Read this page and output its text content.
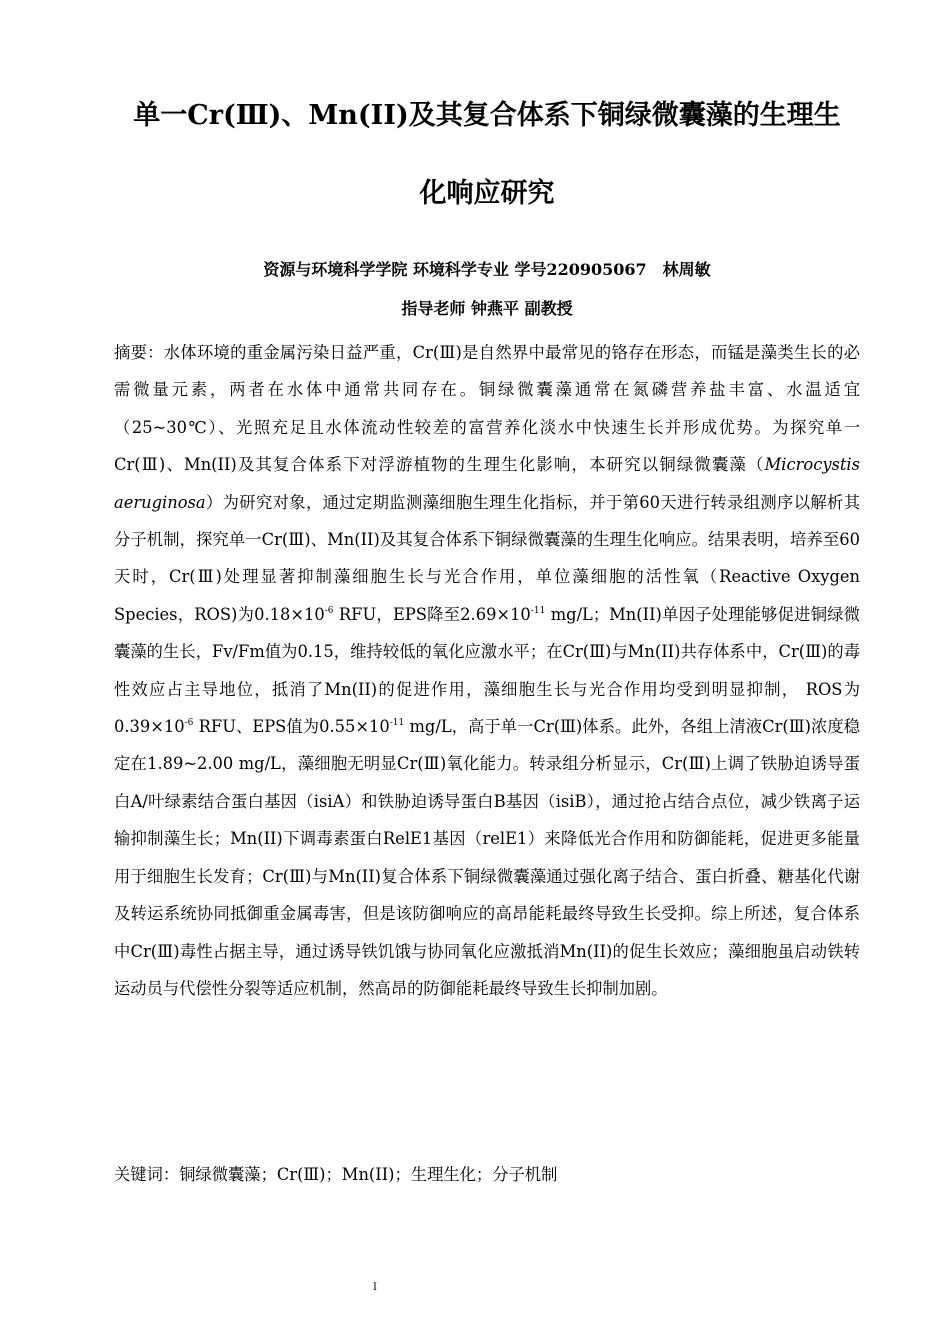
单一Cr(Ⅲ)、Mn(II)及其复合体系下铜绿微囊藻的生理生
化响应研究

资源与环境科学学院 环境科学专业 学号220905067　林周敏

指导老师 钟燕平 副教授

摘要：水体环境的重金属污染日益严重，Cr(Ⅲ)是自然界中最常见的铬存在形态，而锰是藻类生长的必需微量元素，两者在水体中通常共同存在。铜绿微囊藻通常在氮磷营养盐丰富、水温适宜（25~30℃）、光照充足且水体流动性较差的富营养化淡水中快速生长并形成优势。为探究单一Cr(Ⅲ)、Mn(II)及其复合体系下对浮游植物的生理生化影响，本研究以铜绿微囊藻（Microcystis aeruginosa）为研究对象，通过定期监测藻细胞生理生化指标，并于第60天进行转录组测序以解析其分子机制，探究单一Cr(Ⅲ)、Mn(II)及其复合体系下铜绿微囊藻的生理生化响应。结果表明，培养至60天时，Cr(Ⅲ)处理显著抑制藻细胞生长与光合作用，单位藻细胞的活性氧（Reactive Oxygen Species，ROS)为$0.18\times 10^{-6}$ RFU，EPS降至$2.69\times 10^{-11}$ mg/L；Mn(II)单因子处理能够促进铜绿微囊藻的生长，Fv/Fm值为0.15，维持较低的氧化应激水平；在Cr(Ⅲ)与Mn(II)共存体系中，Cr(Ⅲ)的毒性效应占主导地位，抵消了Mn(II)的促进作用，藻细胞生长与光合作用均受到明显抑制， ROS为$0.39\times 10^{-6}$ RFU、EPS值为$0.55\times 10^{-11}$ mg/L，高于单一Cr(Ⅲ)体系。此外，各组上清液Cr(Ⅲ)浓度稳定在1.89~2.00 mg/L，藻细胞无明显Cr(Ⅲ)氧化能力。转录组分析显示，Cr(Ⅲ)上调了铁胁迫诱导蛋白A/叶绿素结合蛋白基因（isiA）和铁胁迫诱导蛋白B基因（isiB），通过抢占结合点位，减少铁离子运输抑制藻生长；Mn(II)下调毒素蛋白RelE1基因（relE1）来降低光合作用和防御能耗，促进更多能量用于细胞生长发育；Cr(Ⅲ)与Mn(II)复合体系下铜绿微囊藻通过强化离子结合、蛋白折叠、糖基化代谢及转运系统协同抵御重金属毒害，但是该防御响应的高昂能耗最终导致生长受抑。综上所述，复合体系中Cr(Ⅲ)毒性占据主导，通过诱导铁饥饿与协同氧化应激抵消Mn(II)的促生长效应；藻细胞虽启动铁转运动员与代偿性分裂等适应机制，然高昂的防御能耗最终导致生长抑制加剧。

关键词：铜绿微囊藻；Cr(Ⅲ)；Mn(II)；生理生化；分子机制

I
